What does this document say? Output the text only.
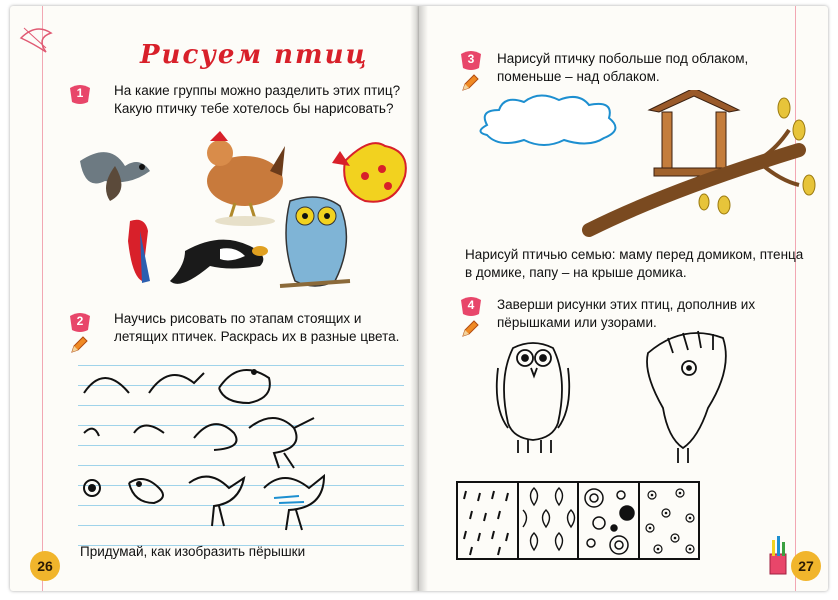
Рисуем птиц
1	На какие группы можно разделить этих птиц? Какую птичку тебе хотелось бы нарисовать?
2	Научись рисовать по этапам стоящих и летящих птичек. Раскрась их в разные цвета.
Придумай, как изобразить пёрышки
26
3	Нарисуй птичку побольше под облаком, поменьше – над облаком.
Нарисуй птичью семью: маму перед домиком, птенца в домике, папу – на крыше домика.
4	Заверши рисунки этих птиц, дополнив их пёрышками или узорами.
27
